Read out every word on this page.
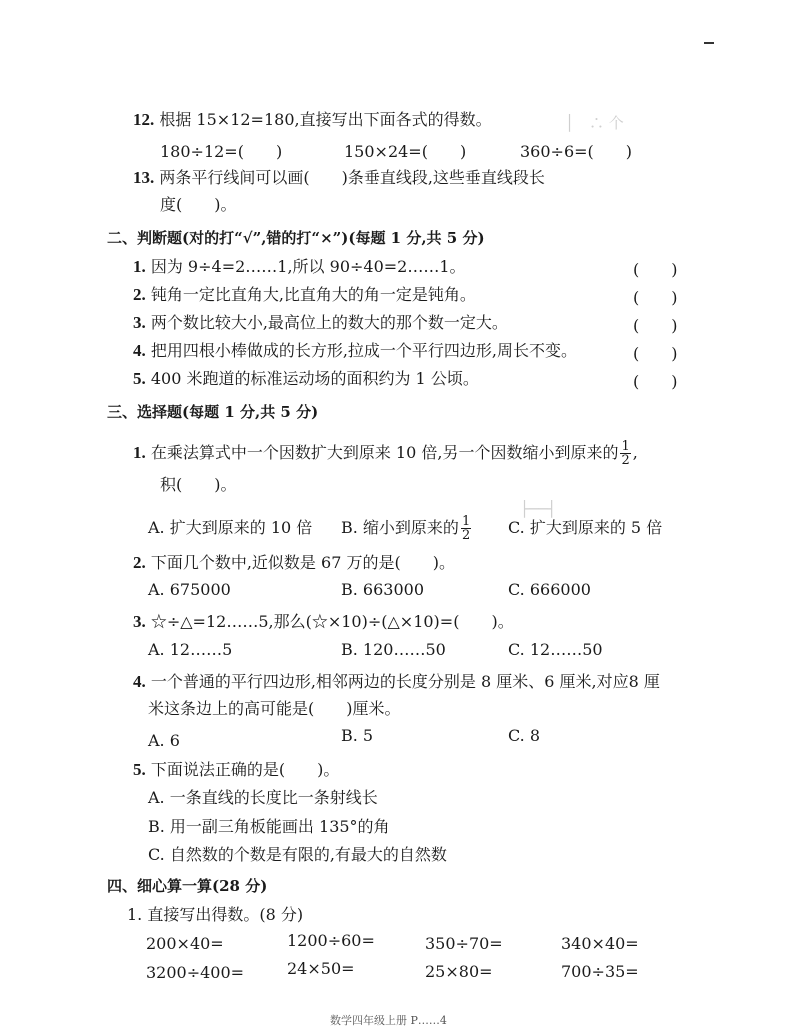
│　∴ 个
├──┤
12. 根据 15×12=180,直接写出下面各式的得数。
180÷12=(　　)	150×24=(　　)	360÷6=(　　)
13. 两条平行线间可以画(　　)条垂直线段,这些垂直线段长
度(　　)。
二、判断题(对的打“√”,错的打“×”)(每题 1 分,共 5 分)
1. 因为 9÷4=2……1,所以 90÷40=2……1。	(　　)
2. 钝角一定比直角大,比直角大的角一定是钝角。	(　　)
3. 两个数比较大小,最高位上的数大的那个数一定大。	(　　)
4. 把用四根小棒做成的长方形,拉成一个平行四边形,周长不变。	(　　)
5. 400 米跑道的标准运动场的面积约为 1 公顷。	(　　)
三、选择题(每题 1 分,共 5 分)
1. 在乘法算式中一个因数扩大到原来 10 倍,另一个因数缩小到原来的 $\frac{1}{2}$ ,
积(　　)。
A. 扩大到原来的 10 倍 B. 缩小到原来的 $\frac{1}{2} C$. 扩大到原来的 5 倍
2. 下面几个数中,近似数是 67 万的是(　　)。
A. 675000	B. 663000	C. 666000
3. ☆÷△=12……5,那么(☆×10)÷(△×10)=(　　)。
A. 12……5	B. 120……50	C. 12……50
4. 一个普通的平行四边形,相邻两边的长度分别是 8 厘米、6 厘米,对应8 厘
米这条边上的高可能是(　　)厘米。
A. 6	B. 5	C. 8
5. 下面说法正确的是(　　)。
A. 一条直线的长度比一条射线长
B. 用一副三角板能画出 135°的角
C. 自然数的个数是有限的,有最大的自然数
四、细心算一算(28 分)
1. 直接写出得数。(8 分)
200×40=	1200÷60=	350÷70=	340×40=
3200÷400=	24×50=	25×80=	700÷35=
数学四年级上册 P……4
